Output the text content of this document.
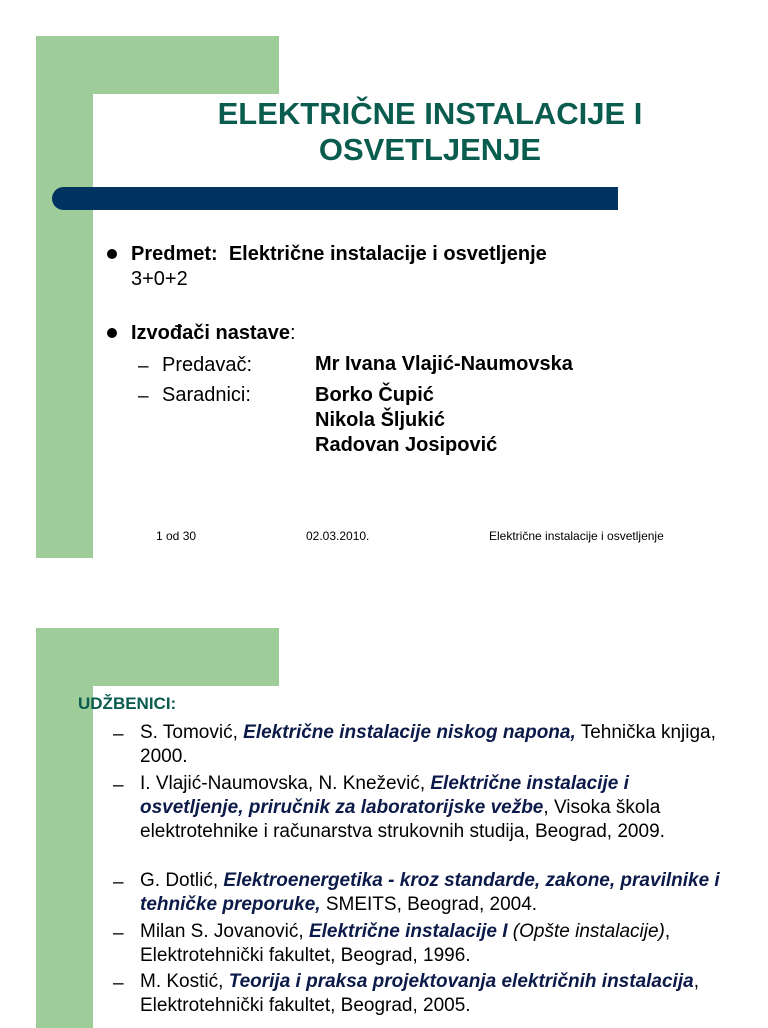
ELEKTRIČNE INSTALACIJE I
OSVETLJENJE
Predmet:  Električne instalacije i osvetljenje
3+0+2
Izvođači nastave:
– Predavač:	Mr Ivana Vlajić-Naumovska
– Saradnici:	Borko Čupić
Nikola Šljukić
Radovan Josipović
1 od 30	02.03.2010.	Električne instalacije i osvetljenje
UDŽBENICI:
– S. Tomović, Električne instalacije niskog napona, Tehnička knjiga, 2000.
– I. Vlajić-Naumovska, N. Knežević, Električne instalacije i osvetljenje, priručnik za laboratorijske vežbe, Visoka škola elektrotehnike i računarstva strukovnih studija, Beograd, 2009.
– G. Dotlić, Elektroenergetika - kroz standarde, zakone, pravilnike i tehničke preporuke, SMEITS, Beograd, 2004.
– Milan S. Jovanović, Električne instalacije I (Opšte instalacije), Elektrotehnički fakultet, Beograd, 1996.
– M. Kostić, Teorija i praksa projektovanja električnih instalacija, Elektrotehnički fakultet, Beograd, 2005.
